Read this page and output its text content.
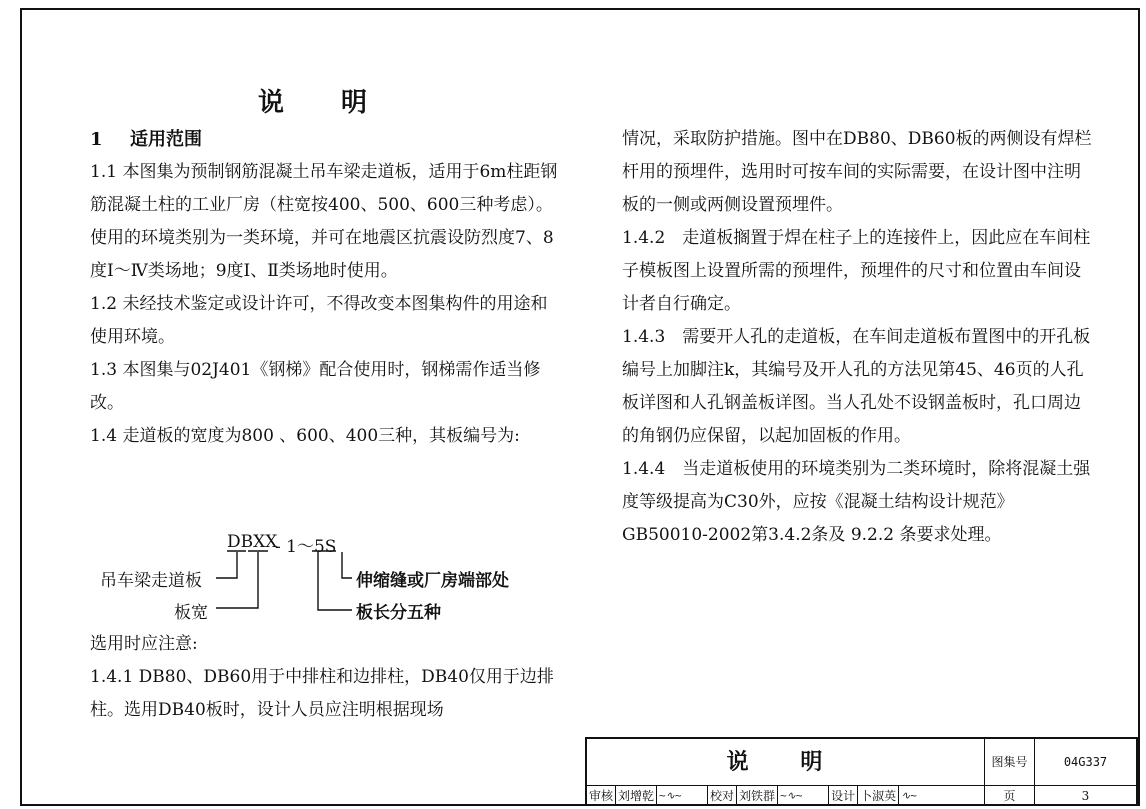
说 明

1 适用范围

1.1 本图集为预制钢筋混凝土吊车梁走道板，适用于6m柱距钢筋混凝土柱的工业厂房（柱宽按400、500、600三种考虑）。使用的环境类别为一类环境，并可在地震区抗震设防烈度7、8度Ⅰ～Ⅳ类场地；9度Ⅰ、Ⅱ类场地时使用。

1.2 未经技术鉴定或设计许可，不得改变本图集构件的用途和使用环境。

1.3 本图集与02J401《钢梯》配合使用时，钢梯需作适当修改。

1.4 走道板的宽度为800 、600、400三种，其板编号为:

DBXX
- 1～5S
吊车梁走道板
板宽
伸缩缝或厂房端部处
板长分五种

选用时应注意:

1.4.1 DB80、DB60用于中排柱和边排柱，DB40仅用于边排柱。选用DB40板时，设计人员应注明根据现场

情况，采取防护措施。图中在DB80、DB60板的两侧设有焊栏杆用的预埋件，选用时可按车间的实际需要，在设计图中注明板的一侧或两侧设置预埋件。

1.4.2　走道板搁置于焊在柱子上的连接件上，因此应在车间柱子模板图上设置所需的预埋件，预埋件的尺寸和位置由车间设计者自行确定。

1.4.3　需要开人孔的走道板，在车间走道板布置图中的开孔板编号上加脚注k，其编号及开人孔的方法见第45、46页的人孔板详图和人孔钢盖板详图。当人孔处不设钢盖板时，孔口周边的角钢仍应保留，以起加固板的作用。

1.4.4　当走道板使用的环境类别为二类环境时，除将混凝土强度等级提高为C30外，应按《混凝土结构设计规范》GB50010-2002第3.4.2条及 9.2.2 条要求处理。

说 明
审核 刘增乾 ~∿~	校对 刘铁群 ~∿~	设计 卜淑英 ∿~
图集号	04G337
页	3
